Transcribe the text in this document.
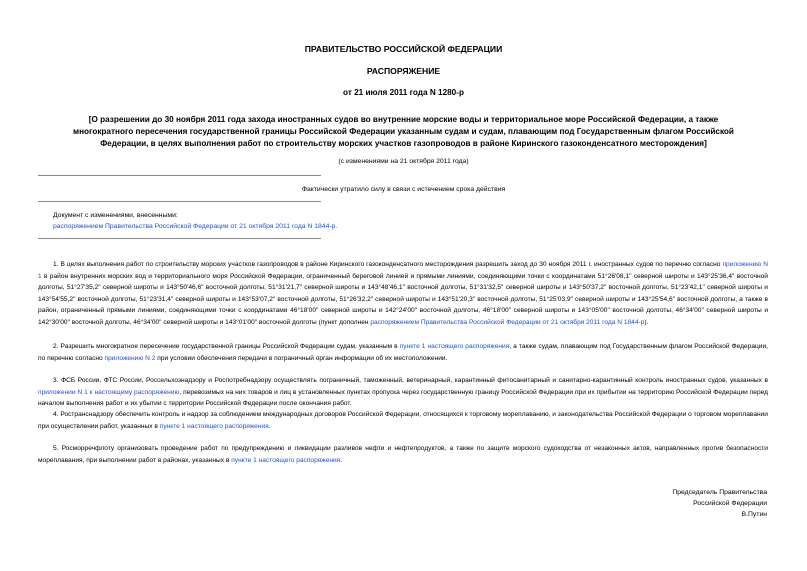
ПРАВИТЕЛЬСТВО РОССИЙСКОЙ ФЕДЕРАЦИИ
РАСПОРЯЖЕНИЕ
от 21 июля 2011 года N 1280-р
[О разрешении до 30 ноября 2011 года захода иностранных судов во внутренние морские воды и территориальное море Российской Федерации, а также многократного пересечения государственной границы Российской Федерации указанным судам и судам, плавающим под Государственным флагом Российской Федерации, в целях выполнения работ по строительству морских участков газопроводов в районе Киринского газоконденсатного месторождения]
(с изменениями на 21 октября 2011 года)
Фактически утратило силу в связи с истечением срока действия
Документ с изменениями, внесенными:
распоряжением Правительства Российской Федерации от 21 октября 2011 года N 1844-р.
1. В целях выполнения работ по строительству морских участков газопроводов в районе Киринского газоконденсатного месторождения разрешить заход до 30 ноября 2011 г. иностранных судов по перечню согласно приложению N 1 в район внутренних морских вод и территориального моря Российской Федерации, ограниченный береговой линией и прямыми линиями, соединяющими точки с координатами 51°26'08,1" северной широты и 143°25'36,4" восточной долготы, 51°27'35,2" северной широты и 143°50'46,6" восточной долготы, 51°31'21,7" северной широты и 143°48'46,1" восточной долготы, 51°31'32,5" северной широты и 143°50'37,2" восточной долготы, 51°23'42,1" северной широты и 143°54'55,2" восточной долготы, 51°23'31,4" северной широты и 143°53'07,2" восточной долготы, 51°26'32,2" северной широты и 143°51'20,3" восточной долготы, 51°25'03,9" северной широты и 143°25'54,6" восточной долготы, а также в район, ограниченный прямыми линиями, соединяющими точки с координатами 46°18'00" северной широты и 142°24'00" восточной долготы, 46°18'00" северной широты и 143°05'00" восточной долготы, 46°34'00" северной широты и 142°30'00" восточной долготы, 46°34'00" северной широты и 143°01'00" восточной долготы (пункт дополнен распоряжением Правительства Российской Федерации от 21 октября 2011 года N 1844-р).
2. Разрешить многократное пересечение государственной границы Российской Федерации судам, указанным в пункте 1 настоящего распоряжения, а также судам, плавающим под Государственным флагом Российской Федерации, по перечню согласно приложению N 2 при условии обеспечения передачи в пограничный орган информации об их местоположении.
3. ФСБ России, ФТС России, Россельхознадзору и Роспотребнадзору осуществлять пограничный, таможенный, ветеринарный, карантинный фитосанитарный и санитарно-карантинный контроль иностранных судов, указанных в приложении N 1 к настоящему распоряжению, перевозимых на них товаров и лиц в установленных пунктах пропуска через государственную границу Российской Федерации при их прибытии на территорию Российской Федерации перед началом выполнения работ и их убытии с территории Российской Федерации после окончания работ.
4. Ространснадзору обеспечить контроль и надзор за соблюдением международных договоров Российской Федерации, относящихся к торговому мореплаванию, и законодательства Российской Федерации о торговом мореплавании при осуществлении работ, указанных в пункте 1 настоящего распоряжения.
5. Росморречфлоту организовать проведение работ по предупреждению и ликвидации разливов нефти и нефтепродуктов, а также по защите морского судоходства от незаконных актов, направленных против безопасности мореплавания, при выполнении работ в районах, указанных в пункте 1 настоящего распоряжения.
Председатель Правительства
Российской Федерации
В.Путин
